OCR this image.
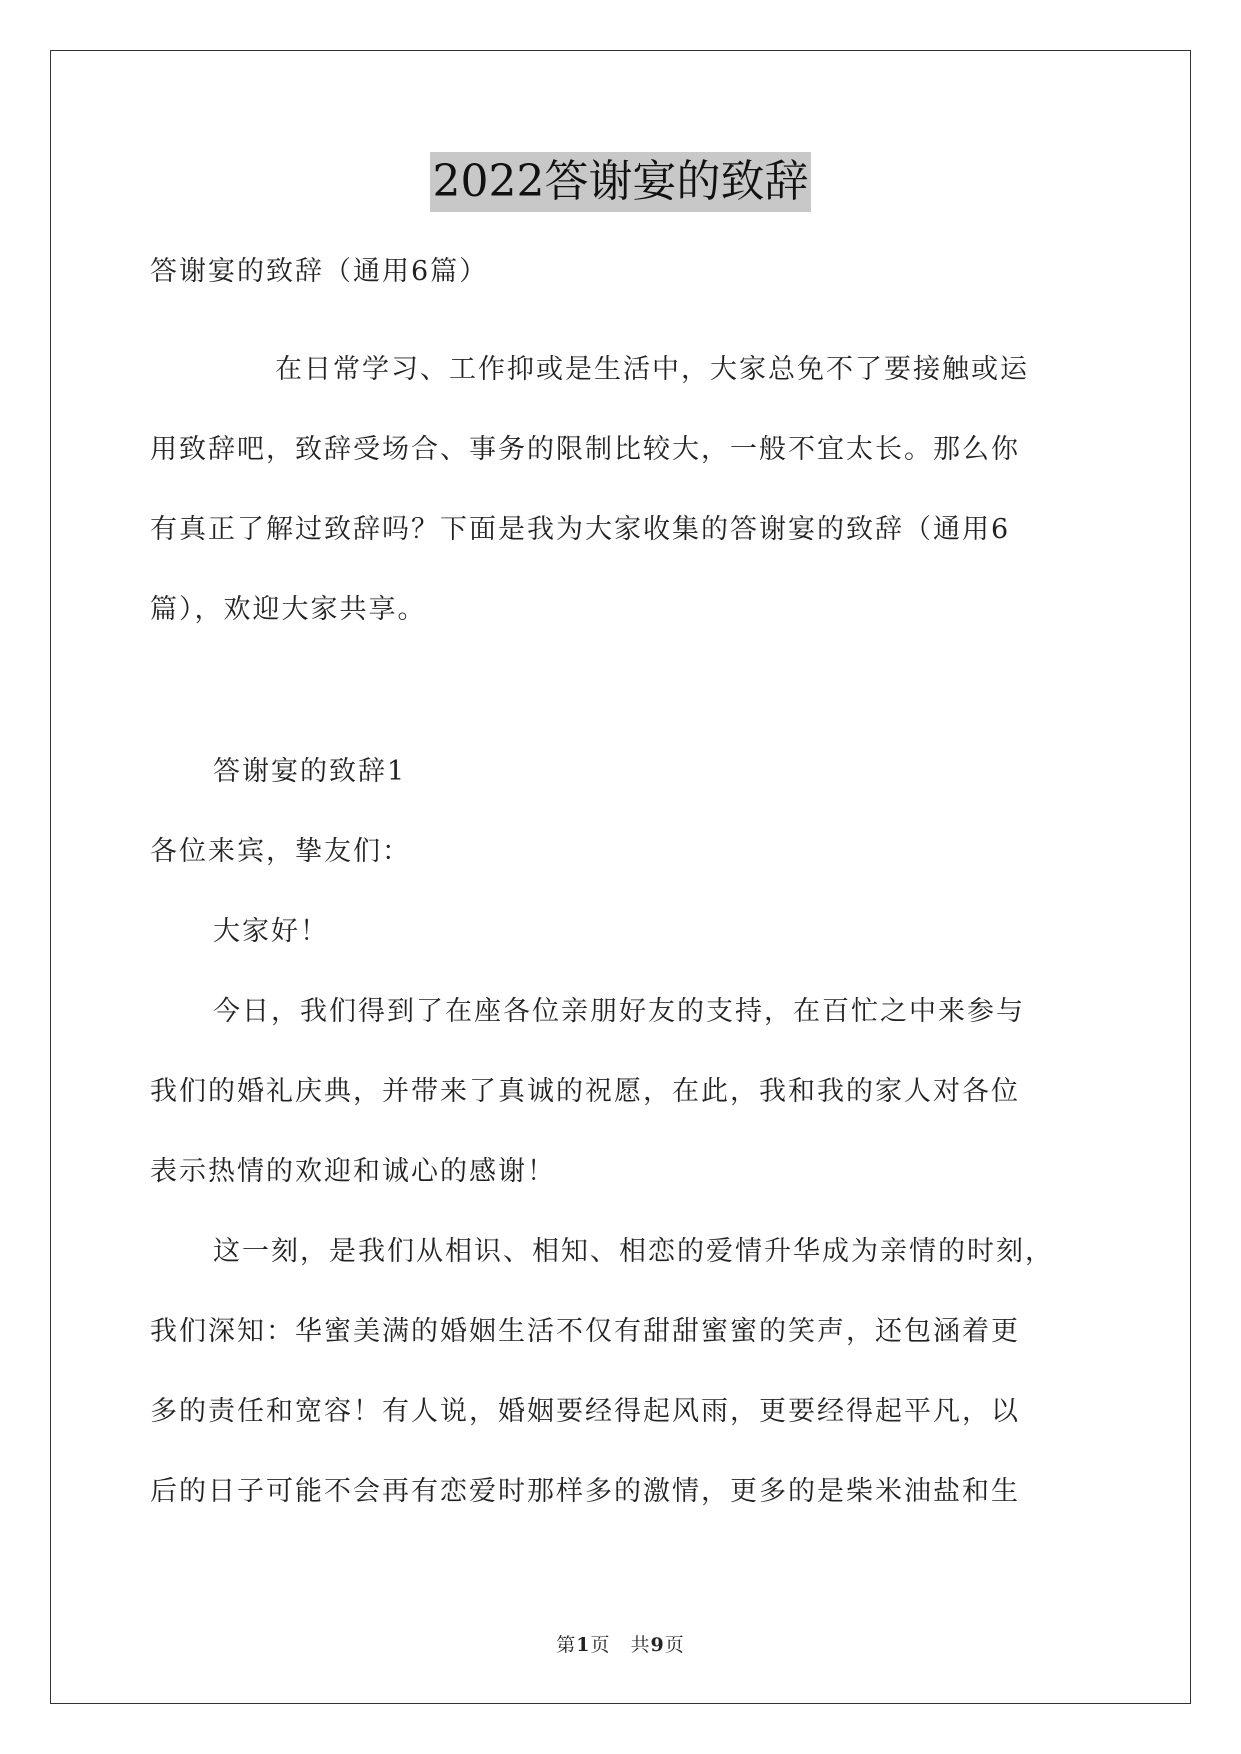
2022答谢宴的致辞
答谢宴的致辞（通用6篇）
在日常学习、工作抑或是生活中，大家总免不了要接触或运
用致辞吧，致辞受场合、事务的限制比较大，一般不宜太长。那么你
有真正了解过致辞吗？下面是我为大家收集的答谢宴的致辞（通用6
篇），欢迎大家共享。
答谢宴的致辞1
各位来宾，挚友们：
大家好！
今日，我们得到了在座各位亲朋好友的支持，在百忙之中来参与
我们的婚礼庆典，并带来了真诚的祝愿，在此，我和我的家人对各位
表示热情的欢迎和诚心的感谢！
这一刻，是我们从相识、相知、相恋的爱情升华成为亲情的时刻，
我们深知：华蜜美满的婚姻生活不仅有甜甜蜜蜜的笑声，还包涵着更
多的责任和宽容！有人说，婚姻要经得起风雨，更要经得起平凡，以
后的日子可能不会再有恋爱时那样多的激情，更多的是柴米油盐和生
第1页　共9页
